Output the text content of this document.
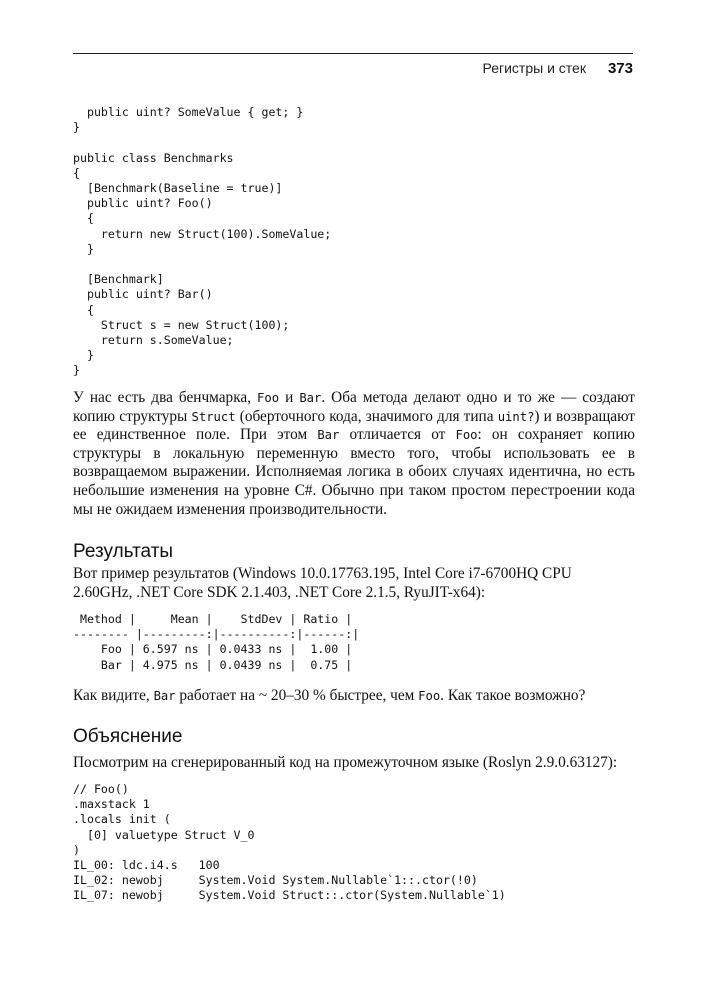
Регистры и стек 373
public uint? SomeValue { get; }
}

public class Benchmarks
{
[Benchmark(Baseline = true)]
public uint? Foo()
{
return new Struct(100).SomeValue;
}

[Benchmark]
public uint? Bar()
{
Struct s = new Struct(100);
return s.SomeValue;
}
}

У нас есть два бенчмарка, Foo и Bar. Оба метода делают одно и то же — создают копию структуры Struct (оберточного кода, значимого для типа uint?) и возвращают ее единственное поле. При этом Bar отличается от Foo: он сохраняет копию структуры в локальную переменную вместо того, чтобы использовать ее в возвращаемом выражении. Исполняемая логика в обоих случаях идентична, но есть небольшие изменения на уровне C#. Обычно при таком простом перестроении кода мы не ожидаем изменения производительности.

Результаты

Вот пример результатов (Windows 10.0.17763.195, Intel Core i7-6700HQ CPU 2.60GHz, .NET Core SDK 2.1.403, .NET Core 2.1.5, RyuJIT-x64):

Method |     Mean |    StdDev | Ratio |
-------- |---------:|----------:|------:|
Foo | 6.597 ns | 0.0433 ns |  1.00 |
Bar | 4.975 ns | 0.0439 ns |  0.75 |

Как видите, Bar работает на ~ 20–30 % быстрее, чем Foo. Как такое возможно?

Объяснение

Посмотрим на сгенерированный код на промежуточном языке (Roslyn 2.9.0.63127):

// Foo()
.maxstack 1
.locals init (
[0] valuetype Struct V_0
)
IL_00: ldc.i4.s   100
IL_02: newobj     System.Void System.Nullable`1::.ctor(!0)
IL_07: newobj     System.Void Struct::.ctor(System.Nullable`1)
